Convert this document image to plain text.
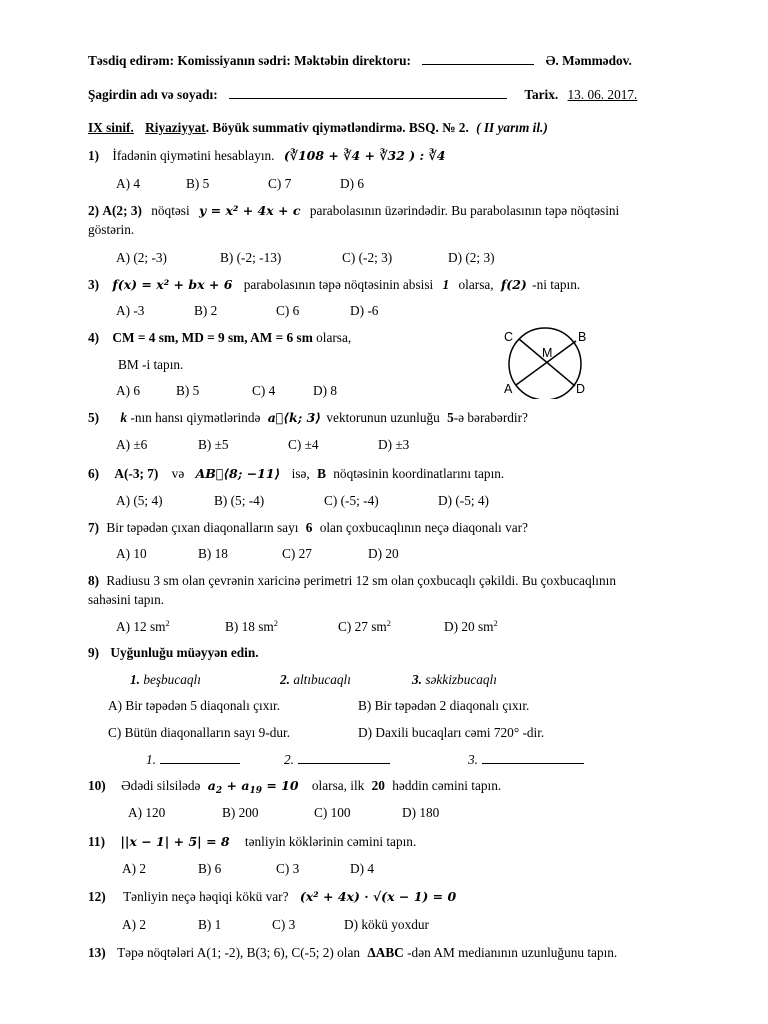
Təsdiq edirəm: Komissiyanın sədri: Məktəbin direktoru:	Ə. Məmmədov.
Şagirdin adı və soyadı:	Tarix. 13. 06. 2017.
IX sinif. Riyaziyyat. Böyük summativ qiymətləndirmə. BSQ. № 2. ( II yarım il.)
1) İfadənin qiymətini hesablayın. (∛108 + ∛4 + ∛32 ) : ∛4
A) 4	B) 5	C) 7	D) 6
2) A(2; 3) nöqtəsi y = x² + 4x + c parabolasının üzərindədir. Bu parabolasının təpə nöqtəsini
göstərin.
A) (2; -3)	B) (-2; -13)	C) (-2; 3)	D) (2; 3)
3) f(x) = x² + bx + 6 parabolasının təpə nöqtəsinin absisi 1 olarsa, f(2) -ni tapın.
A) -3	B) 2	C) 6	D) -6
4) CM = 4 sm, MD = 9 sm, AM = 6 sm olarsa,
BM -i tapın.
A) 6	B) 5	C) 4	D) 8
C	B
M
A	D
5) k -nın hansı qiymətlərində a⃗⟨k; 3⟩ vektorunun uzunluğu 5-ə bərabərdir?
A) ±6	B) ±5	C) ±4	D) ±3
6) A(-3; 7) və AB⃗⟨8; −11⟩ isə, B nöqtəsinin koordinatlarını tapın.
A) (5; 4)	B) (5; -4)	C) (-5; -4)	D) (-5; 4)
7) Bir təpədən çıxan diaqonalların sayı 6 olan çoxbucaqlının neçə diaqonalı var?
A) 10	B) 18	C) 27	D) 20
8) Radiusu 3 sm olan çevrənin xaricinə perimetri 12 sm olan çoxbucaqlı çəkildi. Bu çoxbucaqlının
sahəsini tapın.
A) 12 $sm^2$	B) 18 $sm^2$	C) 27 $sm^2$	D) 20 $sm^2$
9) Uyğunluğu müəyyən edin.
1. beşbucaqlı	2. altıbucaqlı	3. səkkizbucaqlı
A) Bir təpədən 5 diaqonalı çıxır.	B) Bir təpədən 2 diaqonalı çıxır.
C) Bütün diaqonalların sayı 9-dur.	D) Daxili bucaqları cəmi 720° -dir.
1.	2.	3.
10) Ədədi silsilədə $a_2 + a_{19} = 10$ olarsa, ilk 20 həddin cəmini tapın.
A) 120	B) 200	C) 100	D) 180
11) ||x − 1| + 5| = 8 tənliyin köklərinin cəmini tapın.
A) 2	B) 6	C) 3	D) 4
12) Tənliyin neçə həqiqi kökü var? (x² + 4x) · √(x − 1) = 0
A) 2	B) 1	C) 3	D) kökü yoxdur
13) Təpə nöqtələri A(1; -2), B(3; 6), C(-5; 2) olan ΔABC -dən AM medianının uzunluğunu tapın.
